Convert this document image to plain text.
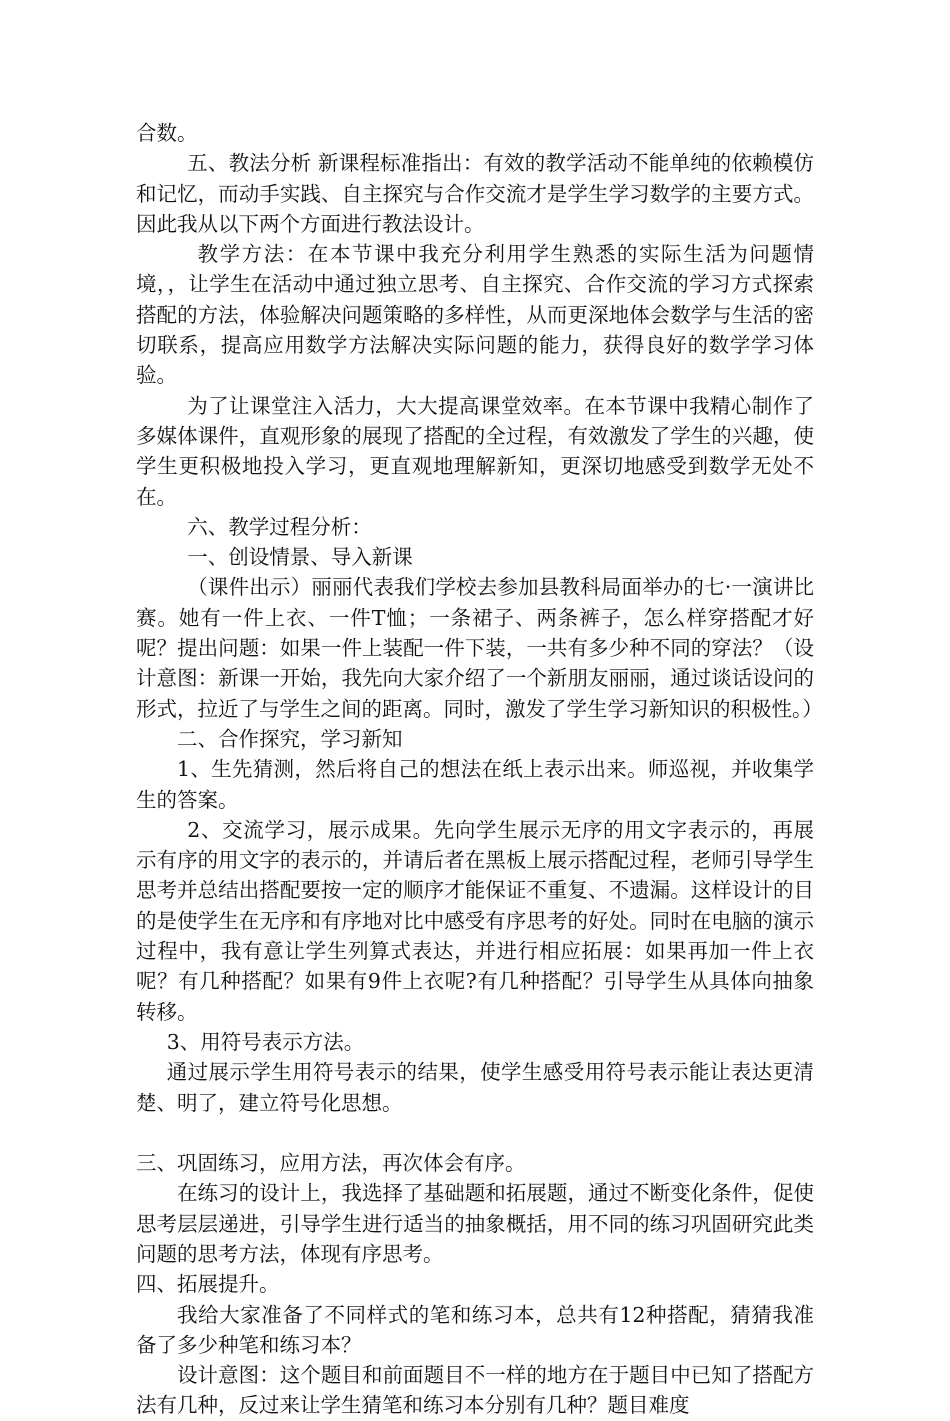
合数。

五、教法分析 新课程标准指出：有效的教学活动不能单纯的依赖模仿和记忆，而动手实践、自主探究与合作交流才是学生学习数学的主要方式。因此我从以下两个方面进行教法设计。

教学方法：在本节课中我充分利用学生熟悉的实际生活为问题情境，，让学生在活动中通过独立思考、自主探究、合作交流的学习方式探索搭配的方法，体验解决问题策略的多样性，从而更深地体会数学与生活的密切联系，提高应用数学方法解决实际问题的能力，获得良好的数学学习体验。

为了让课堂注入活力，大大提高课堂效率。在本节课中我精心制作了多媒体课件，直观形象的展现了搭配的全过程，有效激发了学生的兴趣，使学生更积极地投入学习，更直观地理解新知，更深切地感受到数学无处不在。

六、教学过程分析：

一、创设情景、导入新课

（课件出示）丽丽代表我们学校去参加县教科局面举办的七·一演讲比赛。她有一件上衣、一件T恤；一条裙子、两条裤子，怎么样穿搭配才好呢？提出问题：如果一件上装配一件下装，一共有多少种不同的穿法？（设计意图：新课一开始，我先向大家介绍了一个新朋友丽丽，通过谈话设问的形式，拉近了与学生之间的距离。同时，激发了学生学习新知识的积极性。）

二、合作探究，学习新知

1、生先猜测，然后将自己的想法在纸上表示出来。师巡视，并收集学生的答案。

2、交流学习，展示成果。先向学生展示无序的用文字表示的，再展示有序的用文字的表示的，并请后者在黑板上展示搭配过程，老师引导学生思考并总结出搭配要按一定的顺序才能保证不重复、不遗漏。这样设计的目的是使学生在无序和有序地对比中感受有序思考的好处。同时在电脑的演示过程中，我有意让学生列算式表达，并进行相应拓展：如果再加一件上衣呢？有几种搭配？如果有9件上衣呢?有几种搭配？引导学生从具体向抽象转移。

3、用符号表示方法。

通过展示学生用符号表示的结果，使学生感受用符号表示能让表达更清楚、明了，建立符号化思想。

三、巩固练习，应用方法，再次体会有序。

在练习的设计上，我选择了基础题和拓展题，通过不断变化条件，促使思考层层递进，引导学生进行适当的抽象概括，用不同的练习巩固研究此类问题的思考方法，体现有序思考。

四、拓展提升。

我给大家准备了不同样式的笔和练习本，总共有12种搭配，猜猜我准备了多少种笔和练习本？

设计意图：这个题目和前面题目不一样的地方在于题目中已知了搭配方法有几种，反过来让学生猜笔和练习本分别有几种？题目难度
